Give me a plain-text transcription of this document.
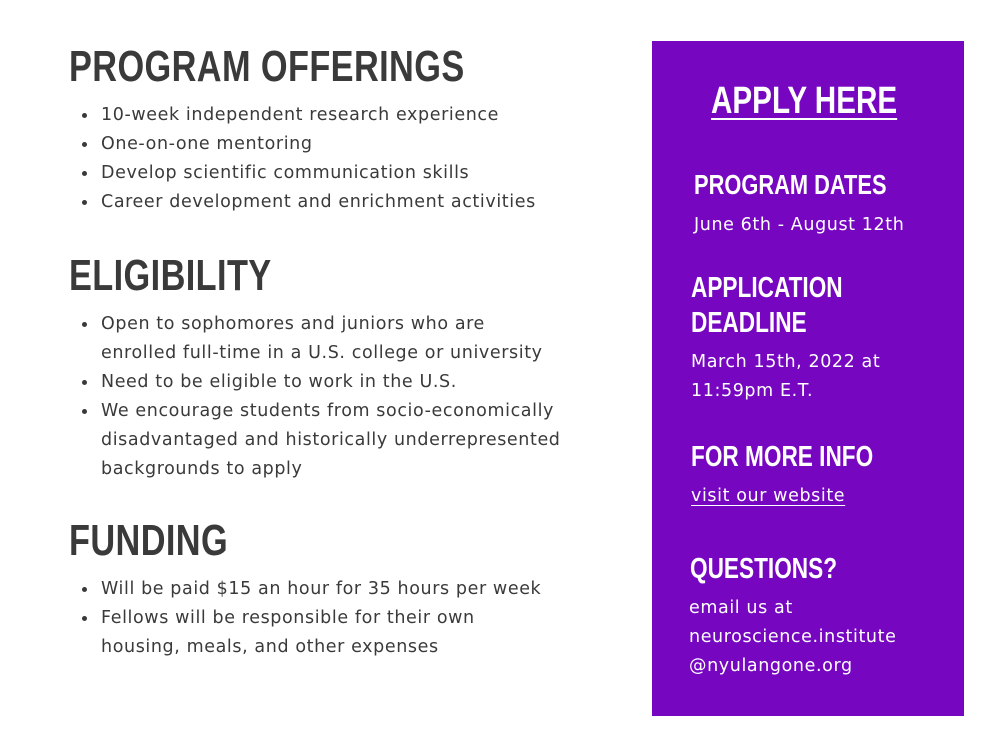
PROGRAM OFFERINGS
10-week independent research experience
One-on-one mentoring
Develop scientific communication skills
Career development and enrichment activities
ELIGIBILITY
Open to sophomores and juniors who are
enrolled full-time in a U.S. college or university
Need to be eligible to work in the U.S.
We encourage students from socio-economically
disadvantaged and historically underrepresented
backgrounds to apply
FUNDING
Will be paid $15 an hour for 35 hours per week
Fellows will be responsible for their own
housing, meals, and other expenses
APPLY HERE
PROGRAM DATES

June 6th - August 12th

APPLICATION
DEADLINE

March 15th, 2022 at

11:59pm E.T.

FOR MORE INFO

visit our website

QUESTIONS?

email us at

neuroscience.institute

@nyulangone.org
